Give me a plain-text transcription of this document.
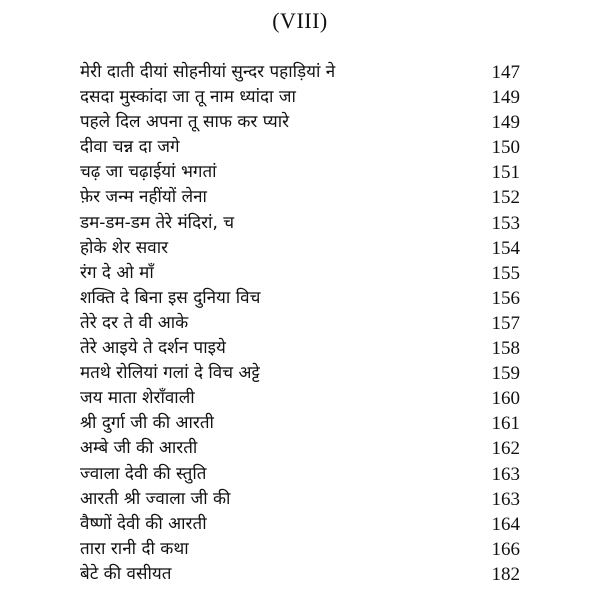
(VIII)
मेरी दाती दीयां सोहनीयां सुन्दर पहाड़ियां ने	147
दसदा मुस्कांदा जा तू नाम ध्यांदा जा	149
पहले दिल अपना तू साफ कर प्यारे	149
दीवा चन्न दा जगे	150
चढ़ जा चढ़ाईयां भगतां	151
फ़ेर जन्म नहींयों लेना	152
डम-डम-डम तेरे मंदिरां, च	153
होके शेर सवार	154
रंग दे ओ माँ	155
शक्ति दे बिना इस दुनिया विच	156
तेरे दर ते वी आके	157
तेरे आइये ते दर्शन पाइये	158
मतथे रोलियां गलां दे विच अट्टे	159
जय माता शेराँवाली	160
श्री दुर्गा जी की आरती	161
अम्बे जी की आरती	162
ज्वाला देवी की स्तुति	163
आरती श्री ज्वाला जी की	163
वैष्णों देवी की आरती	164
तारा रानी दी कथा	166
बेटे की वसीयत	182
